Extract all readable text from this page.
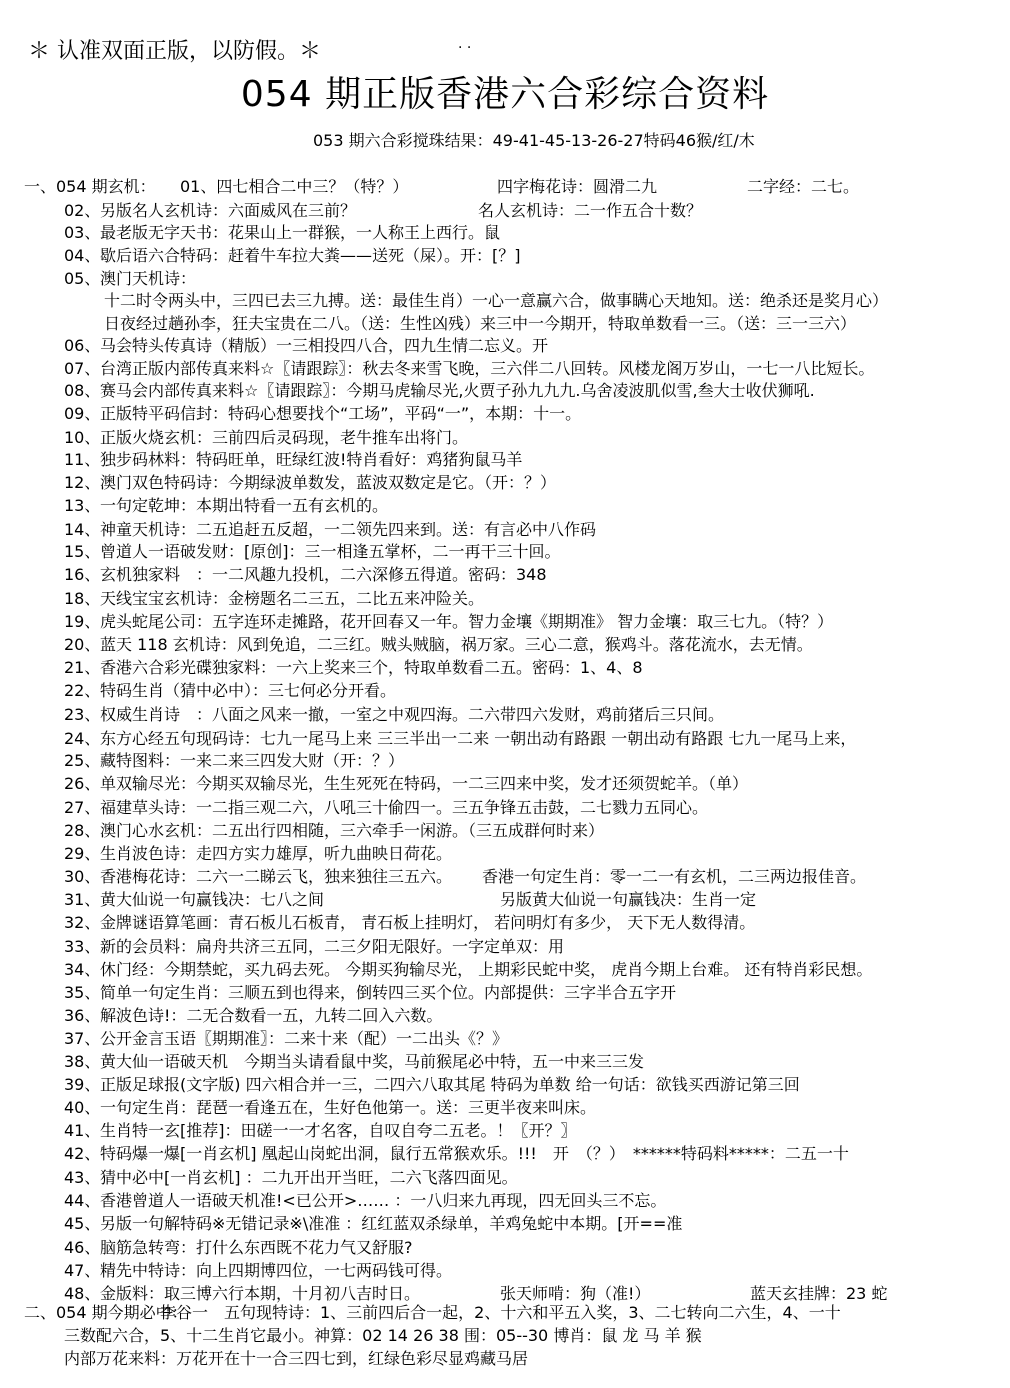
＊ 认准双面正版，以防假。＊	. .
054 期正版香港六合彩综合资料
053 期六合彩搅珠结果：49-41-45-13-26-27特码46猴/红/木
一、054 期玄机： 01、四七相合二中三？（特？）	四字梅花诗：圆滑二九	二字经：二七。
02、 另版名人玄机诗：六面威风在三前？	名人玄机诗：二一作五合十数？
03、 最老版无字天书：花果山上一群猴，一人称王上西行。鼠
04、 歇后语六合特码：赶着牛车拉大粪——送死（屎）。开：[？]
05、 澳门天机诗：
十二时令两头中，三四已去三九搏。送：最佳生肖）一心一意赢六合，做事瞒心天地知。送：绝杀还是奖月心）
日夜经过趟孙李，狂夫宝贵在二八。（送：生性凶残）来三中一今期开，特取单数看一三。（送：三一三六）
06、 马会特头传真诗（精版）一三相投四八合，四九生情二忘义。开
07、 台湾正版内部传真来料☆〖请跟踪〗：秋去冬来雪飞晚，三六伴二八回转。风楼龙阁万岁山，一七一八比短长。
08、 赛马会内部传真来料☆〖请跟踪〗：今期马虎输尽光,火贾子孙九九九.乌舍凌波肌似雪,叁大士收伏狮吼.
09、 正版特平码信封：特码心想要找个“工场”，平码“一”，本期：十一。
10、 正版火烧玄机：三前四后灵码现，老牛推车出将门。
11、 独步码林料：特码旺单，旺绿红波!特肖看好：鸡猪狗鼠马羊
12、 澳门双色特码诗：今期绿波单数发，蓝波双数定是它。（开：？）
13、 一句定乾坤：本期出特看一五有玄机的。
14、 神童天机诗：二五追赶五反超，一二领先四来到。送：有言必中八作码
15、 曾道人一语破发财：[原创]：三一相逢五掌杯，二一再干三十回。
16、 玄机独家料　：一二风趣九投机，二六深修五得道。密码：348
18、 天线宝宝玄机诗：金榜题名二三五，二比五来冲险关。
19、 虎头蛇尾公司：五字连环走摊路，花开回春又一年。智力金壤《期期准》 智力金壤：取三七九。（特？）
20、 蓝天 118 玄机诗：风到免追，二三红。贼头贼脑，祸万家。三心二意，猴鸡斗。落花流水，去无情。
21、 香港六合彩光碟独家料：一六上奖来三个，特取单数看二五。密码：1、4、8
22、 特码生肖（猜中必中）：三七何必分开看。
23、 权威生肖诗　：八面之风来一撤，一室之中观四海。二六带四六发财，鸡前猪后三只间。
24、 东方心经五句现码诗：七九一尾马上来 三三半出一二来 一朝出动有路跟 一朝出动有路跟 七九一尾马上来，
25、 藏特图料：一来二来三四发大财（开：？）
26、 单双输尽光：今期买双输尽光，生生死死在特码，一二三四来中奖，发才还须贺蛇羊。（单）
27、 福建草头诗：一二指三观二六，八吼三十偷四一。三五争锋五击鼓，二七戮力五同心。
28、 澳门心水玄机：二五出行四相随，三六牵手一闲游。（三五成群何时来）
29、 生肖波色诗：走四方实力雄厚，听九曲映日荷花。
30、 香港梅花诗：二六一二睇云飞，独来独往三五六。 香港一句定生肖：零一二一有玄机，二三两边报佳音。
31、 黄大仙说一句赢钱决：七八之间	另版黄大仙说一句赢钱决：生肖一定
32、 金牌谜语算笔画：青石板儿石板青， 青石板上挂明灯， 若问明灯有多少， 天下无人数得清。
33、 新的会员料：扁舟共济三五同，二三夕阳无限好。一字定单双：用
34、 休门经：今期禁蛇，买九码去死。 今期买狗输尽光， 上期彩民蛇中奖， 虎肖今期上台难。 还有特肖彩民想。
35、 简单一句定生肖：三顺五到也得来，倒转四三买个位。内部提供：三字半合五字开
36、 解波色诗!：二无合数看一五，九转二回入六数。
37、 公开金言玉语〖期期准〗：二来十来（配）一二出头《？》
38、 黄大仙一语破天机　今期当头请看鼠中奖，马前猴尾必中特，五一中来三三发
39、 正版足球报(文字版) 四六相合并一三，二四六八取其尾 特码为单数 给一句话：欲钱买西游记第三回
40、 一句定生肖：琵琶一看逢五在，生好色他第一。送：三更半夜来叫床。
41、 生肖特一玄[推荐]：田磋一一才名客，自叹自夸二五老。！〖开？〗
42、 特码爆一爆[一肖玄机] 凰起山岗蛇出洞，鼠行五常猴欢乐。!!!　开　（？）　******特码料*****：二五一十
43、 猜中必中[一肖玄机] ：二九开出开当旺，二六飞落四面见。
44、 香港曾道人一语破天机准!<已公开>…… ：一八归来九再现，四无回头三不忘。
45、 另版一句解特码※无错记录※\准准 ：红红蓝双杀绿单，羊鸡兔蛇中本期。[开==准
46、 脑筋急转弯：打什么东西既不花力气又舒服?
47、 精先中特诗：向上四期博四位，一七两码钱可得。
48、 金版料：取三博六行本期，十月初八吉时日。	张天师啃：狗（准!）	蓝天玄挂牌：23 蛇
二、054 期今期必中：
李谷一　五句现特诗：1、三前四后合一起，2、十六和平五入奖，3、二七转向二六生，4、一十
三数配六合，5、十二生肖它最小。神算：02 14 26 38 围：05--30 博肖：鼠 龙 马 羊 猴
内部万花来料：万花开在十一合三四七到，红绿色彩尽显鸡藏马居
